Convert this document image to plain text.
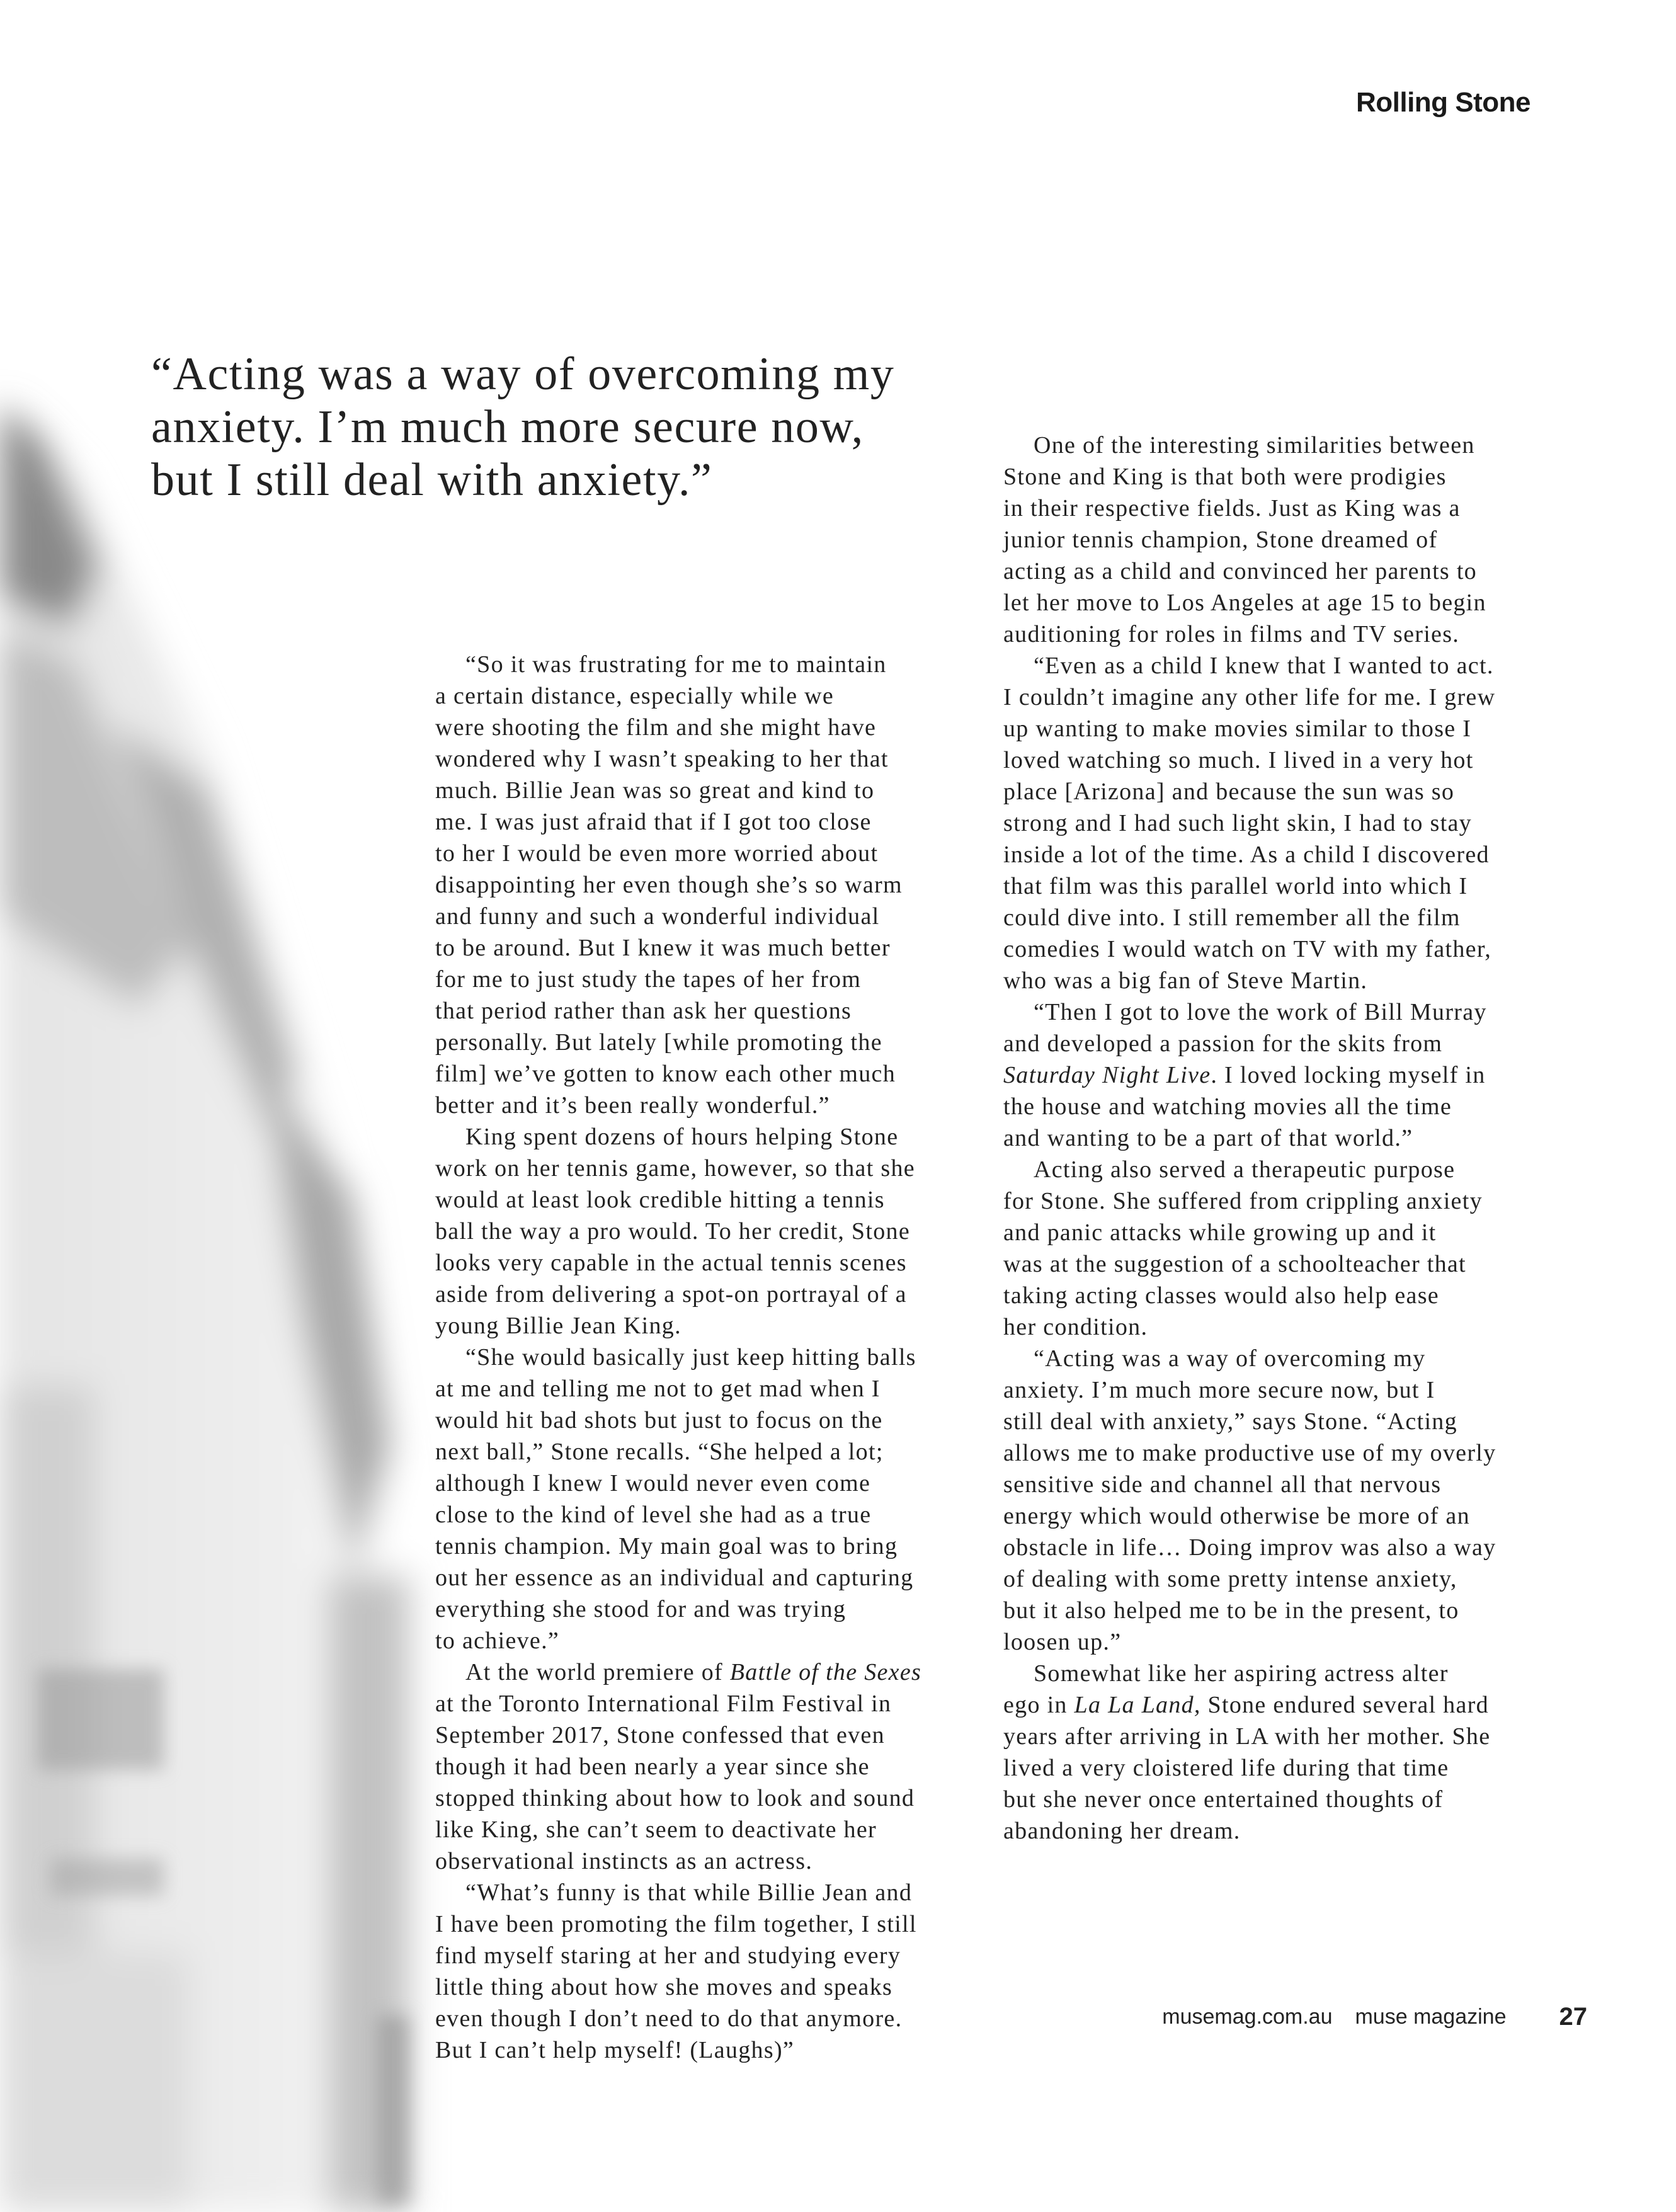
Rolling Stone
“Acting was a way of overcoming my
anxiety. I’m much more secure now,
but I still deal with anxiety.”
“So it was frustrating for me to maintain
a certain distance, especially while we
were shooting the film and she might have
wondered why I wasn’t speaking to her that
much. Billie Jean was so great and kind to
me. I was just afraid that if I got too close
to her I would be even more worried about
disappointing her even though she’s so warm
and funny and such a wonderful individual
to be around. But I knew it was much better
for me to just study the tapes of her from
that period rather than ask her questions
personally. But lately [while promoting the
film] we’ve gotten to know each other much
better and it’s been really wonderful.”
King spent dozens of hours helping Stone
work on her tennis game, however, so that she
would at least look credible hitting a tennis
ball the way a pro would. To her credit, Stone
looks very capable in the actual tennis scenes
aside from delivering a spot-on portrayal of a
young Billie Jean King.
“She would basically just keep hitting balls
at me and telling me not to get mad when I
would hit bad shots but just to focus on the
next ball,” Stone recalls. “She helped a lot;
although I knew I would never even come
close to the kind of level she had as a true
tennis champion. My main goal was to bring
out her essence as an individual and capturing
everything she stood for and was trying
to achieve.”
At the world premiere of Battle of the Sexes
at the Toronto International Film Festival in
September 2017, Stone confessed that even
though it had been nearly a year since she
stopped thinking about how to look and sound
like King, she can’t seem to deactivate her
observational instincts as an actress.
“What’s funny is that while Billie Jean and
I have been promoting the film together, I still
find myself staring at her and studying every
little thing about how she moves and speaks
even though I don’t need to do that anymore.
But I can’t help myself! (Laughs)”
One of the interesting similarities between
Stone and King is that both were prodigies
in their respective fields. Just as King was a
junior tennis champion, Stone dreamed of
acting as a child and convinced her parents to
let her move to Los Angeles at age 15 to begin
auditioning for roles in films and TV series.
“Even as a child I knew that I wanted to act.
I couldn’t imagine any other life for me. I grew
up wanting to make movies similar to those I
loved watching so much. I lived in a very hot
place [Arizona] and because the sun was so
strong and I had such light skin, I had to stay
inside a lot of the time. As a child I discovered
that film was this parallel world into which I
could dive into. I still remember all the film
comedies I would watch on TV with my father,
who was a big fan of Steve Martin.
“Then I got to love the work of Bill Murray
and developed a passion for the skits from
Saturday Night Live. I loved locking myself in
the house and watching movies all the time
and wanting to be a part of that world.”
Acting also served a therapeutic purpose
for Stone. She suffered from crippling anxiety
and panic attacks while growing up and it
was at the suggestion of a schoolteacher that
taking acting classes would also help ease
her condition.
“Acting was a way of overcoming my
anxiety. I’m much more secure now, but I
still deal with anxiety,” says Stone. “Acting
allows me to make productive use of my overly
sensitive side and channel all that nervous
energy which would otherwise be more of an
obstacle in life… Doing improv was also a way
of dealing with some pretty intense anxiety,
but it also helped me to be in the present, to
loosen up.”
Somewhat like her aspiring actress alter
ego in La La Land, Stone endured several hard
years after arriving in LA with her mother. She
lived a very cloistered life during that time
but she never once entertained thoughts of
abandoning her dream.
musemag.com.au muse magazine 27
